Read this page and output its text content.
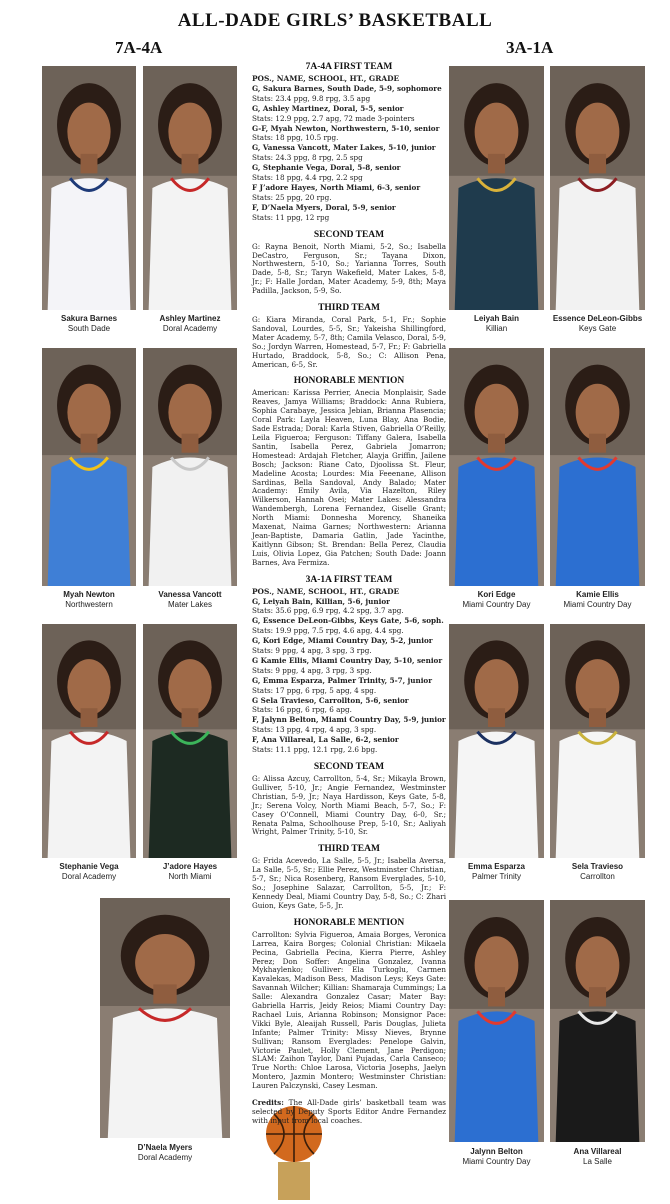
ALL-DADE GIRLS’ BASKETBALL
7A-4A	3A-1A
Sakura Barnes
South Dade
Ashley Martinez
Doral Academy
Leiyah Bain
Killian
Essence DeLeon-Gibbs
Keys Gate
Myah Newton
Northwestern
Vanessa Vancott
Mater Lakes
Kori Edge
Miami Country Day
Kamie Ellis
Miami Country Day
Stephanie Vega
Doral Academy
J’adore Hayes
North Miami
Emma Esparza
Palmer Trinity
Sela Travieso
Carrollton
D’Naela Myers
Doral Academy
Jalynn Belton
Miami Country Day
Ana Villareal
La Salle
7A-4A FIRST TEAM

POS., NAME, SCHOOL, HT., GRADE

G, Sakura Barnes, South Dade, 5-9, sophomore

Stats: 23.4 ppg, 9.8 rpg, 3.5 apg

G, Ashley Martinez, Doral, 5-5, senior

Stats: 12.9 ppg, 2.7 apg, 72 made 3-pointers

G-F, Myah Newton, Northwestern, 5-10, senior

Stats: 18 ppg, 10.5 rpg.

G, Vanessa Vancott, Mater Lakes, 5-10, junior

Stats: 24.3 ppg, 8 rpg, 2.5 spg

G, Stephanie Vega, Doral, 5-8, senior

Stats: 18 ppg, 4.4 rpg, 2.2 spg

F J’adore Hayes, North Miami, 6-3, senior

Stats: 25 ppg, 20 rpg.

F, D’Naela Myers, Doral, 5-9, senior

Stats: 11 ppg, 12 rpg

SECOND TEAM

G: Rayna Benoit, North Miami, 5-2, So.; Isabella DeCastro, Ferguson, Sr.; Tayana Dixon, Northwestern, 5-10, So.; Yarianna Torres, South Dade, 5-8, Sr.; Taryn Wakefield, Mater Lakes, 5-8, Jr.; F: Halle Jordan, Mater Academy, 5-9, 8th; Maya Padilla, Jackson, 5-9, So.

THIRD TEAM

G: Kiara Miranda, Coral Park, 5-1, Fr.; Sophie Sandoval, Lourdes, 5-5, Sr.; Yakeisha Shillingford, Mater Academy, 5-7, 8th; Camila Velasco, Doral, 5-9, So.; Jordyn Warren, Homestead, 5-7, Fr.; F: Gabriella Hurtado, Braddock, 5-8, So.; C: Allison Pena, American, 6-5, Sr.

HONORABLE MENTION

American: Karissa Perrier, Anecia Monplaisir, Sade Reaves, Jamya Williams; Braddock: Anna Rubiera, Sophia Carabaye, Jessica Jebian, Brianna Plasencia; Coral Park: Layla Heaven, Luna Blay, Ana Bodie, Sade Estrada; Doral: Karla Stiven, Gabriella O’Reilly, Leila Figueroa; Ferguson: Tiffany Galera, Isabella Santin, Isabella Perez, Gabriela Jomarron; Homestead: Ardajah Fletcher, Alayja Griffin, Jailene Bosch; Jackson: Riane Cato, Djoolissa St. Fleur, Madeline Acosta; Lourdes: Mia Feeenane, Allison Sardinas, Bella Sandoval, Andy Balado; Mater Academy: Emily Avila, Via Hazelton, Riley Wilkerson, Hannah Osei; Mater Lakes: Alessandra Wandembergh, Lorena Fernandez, Giselle Grant; North Miami: Donnesha Morency, Shaneika Maxenat, Naima Garnes; Northwestern: Arianna Jean-Baptiste, Damaria Gatlin, Jade Yacinthe, Kaitlynn Gibson; St. Brendan: Bella Perez, Claudia Luis, Olivia Lopez, Gia Patchen; South Dade: Joann Barnes, Ava Fermiza.

3A-1A FIRST TEAM

POS., NAME, SCHOOL, HT., GRADE

G, Leiyah Bain, Killian, 5-6, junior

Stats: 35.6 ppg, 6.9 rpg, 4.2 spg, 3.7 apg.

G, Essence DeLeon-Gibbs, Keys Gate, 5-6, soph.

Stats: 19.9 ppg, 7.5 rpg, 4.6 apg, 4.4 spg.

G, Kori Edge, Miami Country Day, 5-2, junior

Stats: 9 ppg, 4 apg, 3 spg, 3 rpg.

G Kamie Ellis, Miami Country Day, 5-10, senior

Stats: 9 ppg, 4 apg, 3 rpg, 3 spg.

G, Emma Esparza, Palmer Trinity, 5-7, junior

Stats: 17 ppg, 6 rpg, 5 apg, 4 spg.

G Sela Travieso, Carrollton, 5-6, senior

Stats: 16 ppg, 6 rpg, 6 apg.

F, Jalynn Belton, Miami Country Day, 5-9, junior

Stats: 13 ppg, 4 rpg, 4 apg, 3 spg.

F, Ana Villareal, La Salle, 6-2, senior

Stats: 11.1 ppg, 12.1 rpg, 2.6 bpg.

SECOND TEAM

G: Alissa Azcuy, Carrollton, 5-4, Sr.; Mikayla Brown, Gulliver, 5-10, Jr.; Angie Fernandez, Westminster Christian, 5-9, Jr.; Naya Hardisson, Keys Gate, 5-8, Jr.; Serena Volcy, North Miami Beach, 5-7, So.; F: Casey O’Connell, Miami Country Day, 6-0, Sr.; Renata Palma, Schoolhouse Prep, 5-10, Sr.; Aaliyah Wright, Palmer Trinity, 5-10, Sr.

THIRD TEAM

G: Frida Acevedo, La Salle, 5-5, Jr.; Isabella Aversa, La Salle, 5-5, Sr.; Ellie Perez, Westminster Christian, 5-7, Sr.; Nica Rosenberg, Ransom Everglades, 5-10, So.; Josephine Salazar, Carrollton, 5-5, Jr.; F: Kennedy Deal, Miami Country Day, 5-8, So.; C: Zhari Guion, Keys Gate, 5-5, Jr.

HONORABLE MENTION

Carrollton: Sylvia Figueroa, Amaia Borges, Veronica Larrea, Kaira Borges; Colonial Christian: Mikaela Pecina, Gabriella Pecina, Kierra Pierre, Ashley Perez; Don Soffer: Angelina Gonzalez, Ivanna Mykhaylenko; Gulliver: Ela Turkoglu, Carmen Kavalekas, Madison Bess, Madison Leys; Keys Gate: Savannah Wilcher; Killian: Shamaraja Cummings; La Salle: Alexandra Gonzalez Casar; Mater Bay: Gabriella Harris, Jeidy Reios; Miami Country Day: Rachael Luis, Arianna Robinson; Monsignor Pace: Vikki Byle, Aleaijah Russell, Paris Douglas, Julieta Infante; Palmer Trinity: Missy Nieves, Brynne Sullivan; Ransom Everglades: Penelope Galvin, Victorie Paulet, Holly Clement, Jane Perdigon; SLAM: Zaihon Taylor, Dani Pujadas, Carla Canseco; True North: Chloe Larosa, Victoria Josephs, Jaelyn Montero, Jazmin Montero; Westminster Christian: Lauren Palczynski, Casey Lesman.

Credits: The All-Dade girls’ basketball team was selected by Deputy Sports Editor Andre Fernandez with input from local coaches.
